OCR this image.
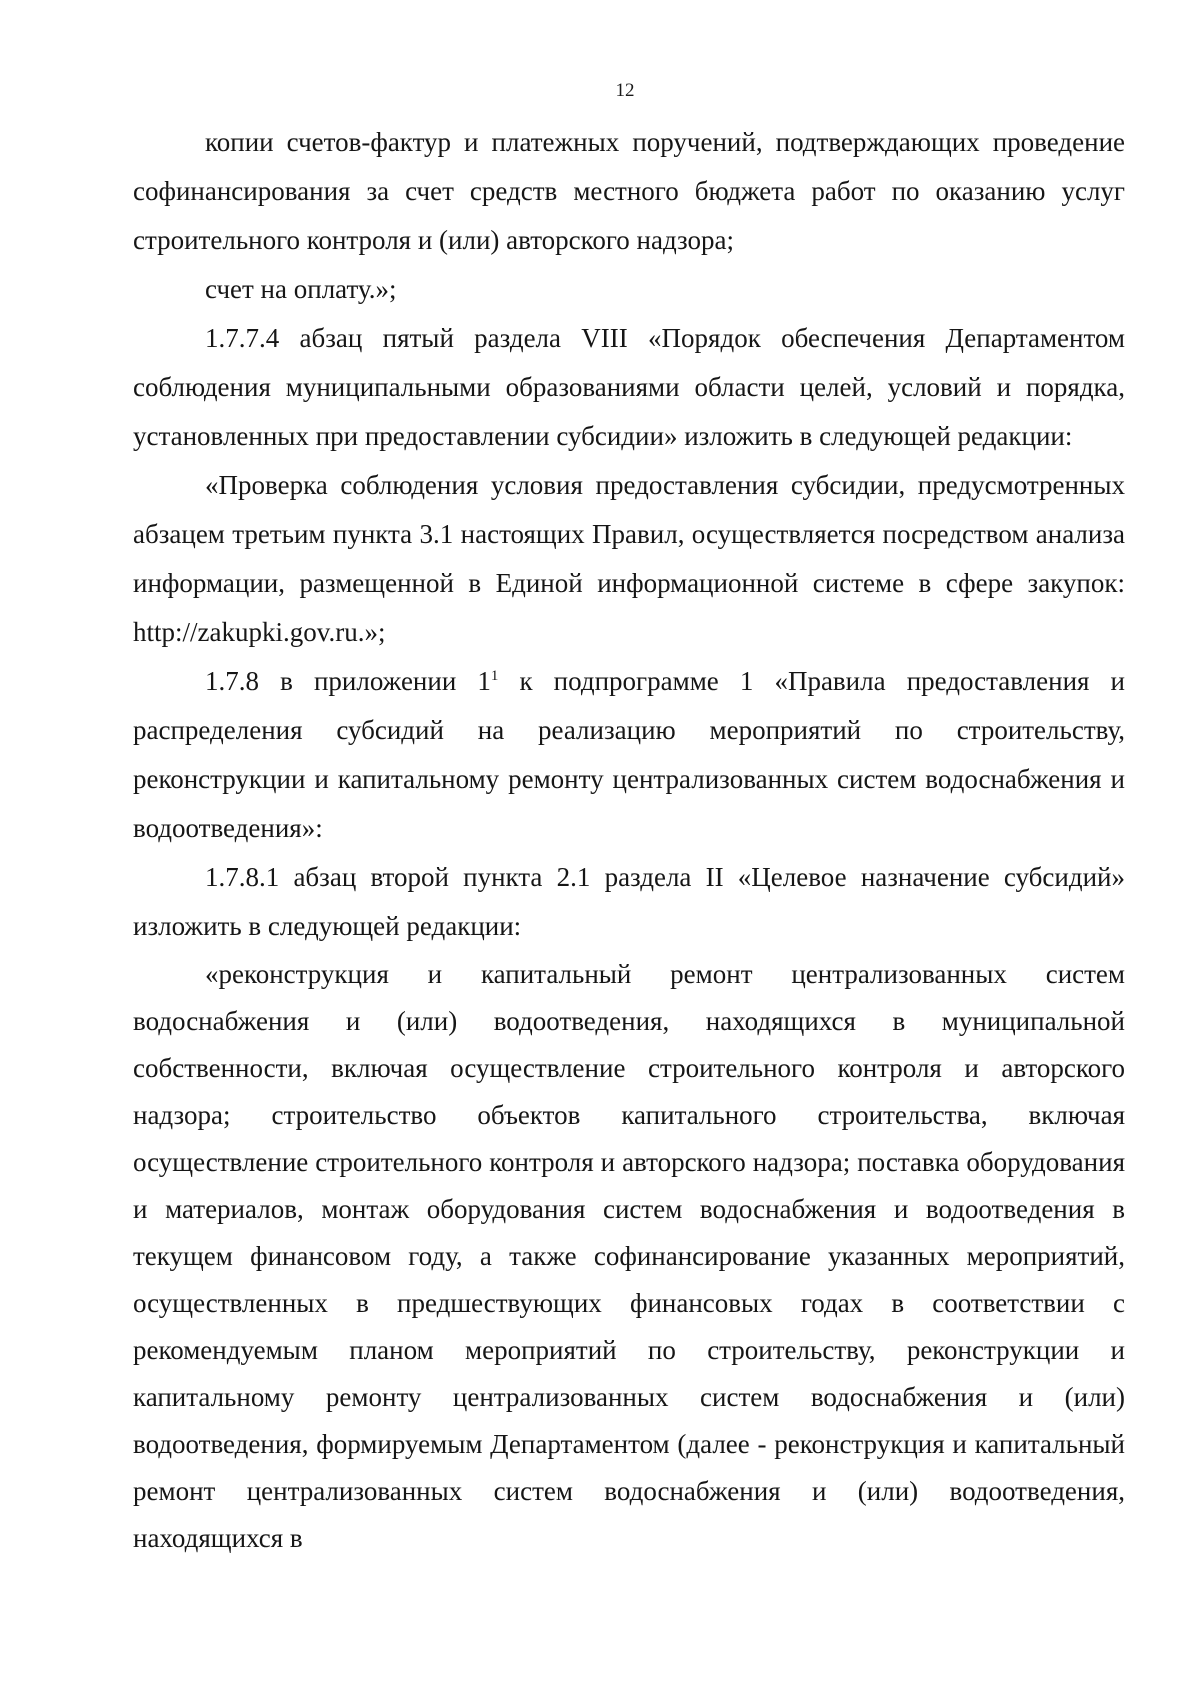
12

копии счетов-фактур и платежных поручений, подтверждающих проведение софинансирования за счет средств местного бюджета работ по оказанию услуг строительного контроля и (или) авторского надзора;

счет на оплату.»;

1.7.7.4 абзац пятый раздела VIII «Порядок обеспечения Департаментом соблюдения муниципальными образованиями области целей, условий и порядка, установленных при предоставлении субсидии» изложить в следующей редакции:

«Проверка соблюдения условия предоставления субсидии, предусмотренных абзацем третьим пункта 3.1 настоящих Правил, осуществляется посредством анализа информации, размещенной в Единой информационной системе в сфере закупок: http://zakupki.gov.ru.»;

1.7.8 в приложении $1^1$ к подпрограмме 1 «Правила предоставления и распределения субсидий на реализацию мероприятий по строительству, реконструкции и капитальному ремонту централизованных систем водоснабжения и водоотведения»:

1.7.8.1 абзац второй пункта 2.1 раздела II «Целевое назначение субсидий» изложить в следующей редакции:

«реконструкция и капитальный ремонт централизованных систем водоснабжения и (или) водоотведения, находящихся в муниципальной собственности, включая осуществление строительного контроля и авторского надзора; строительство объектов капитального строительства, включая осуществление строительного контроля и авторского надзора; поставка оборудования и материалов, монтаж оборудования систем водоснабжения и водоотведения в текущем финансовом году, а также софинансирование указанных мероприятий, осуществленных в предшествующих финансовых годах в соответствии с рекомендуемым планом мероприятий по строительству, реконструкции и капитальному ремонту централизованных систем водоснабжения и (или) водоотведения, формируемым Департаментом (далее - реконструкция и капитальный ремонт централизованных систем водоснабжения и (или) водоотведения, находящихся в
